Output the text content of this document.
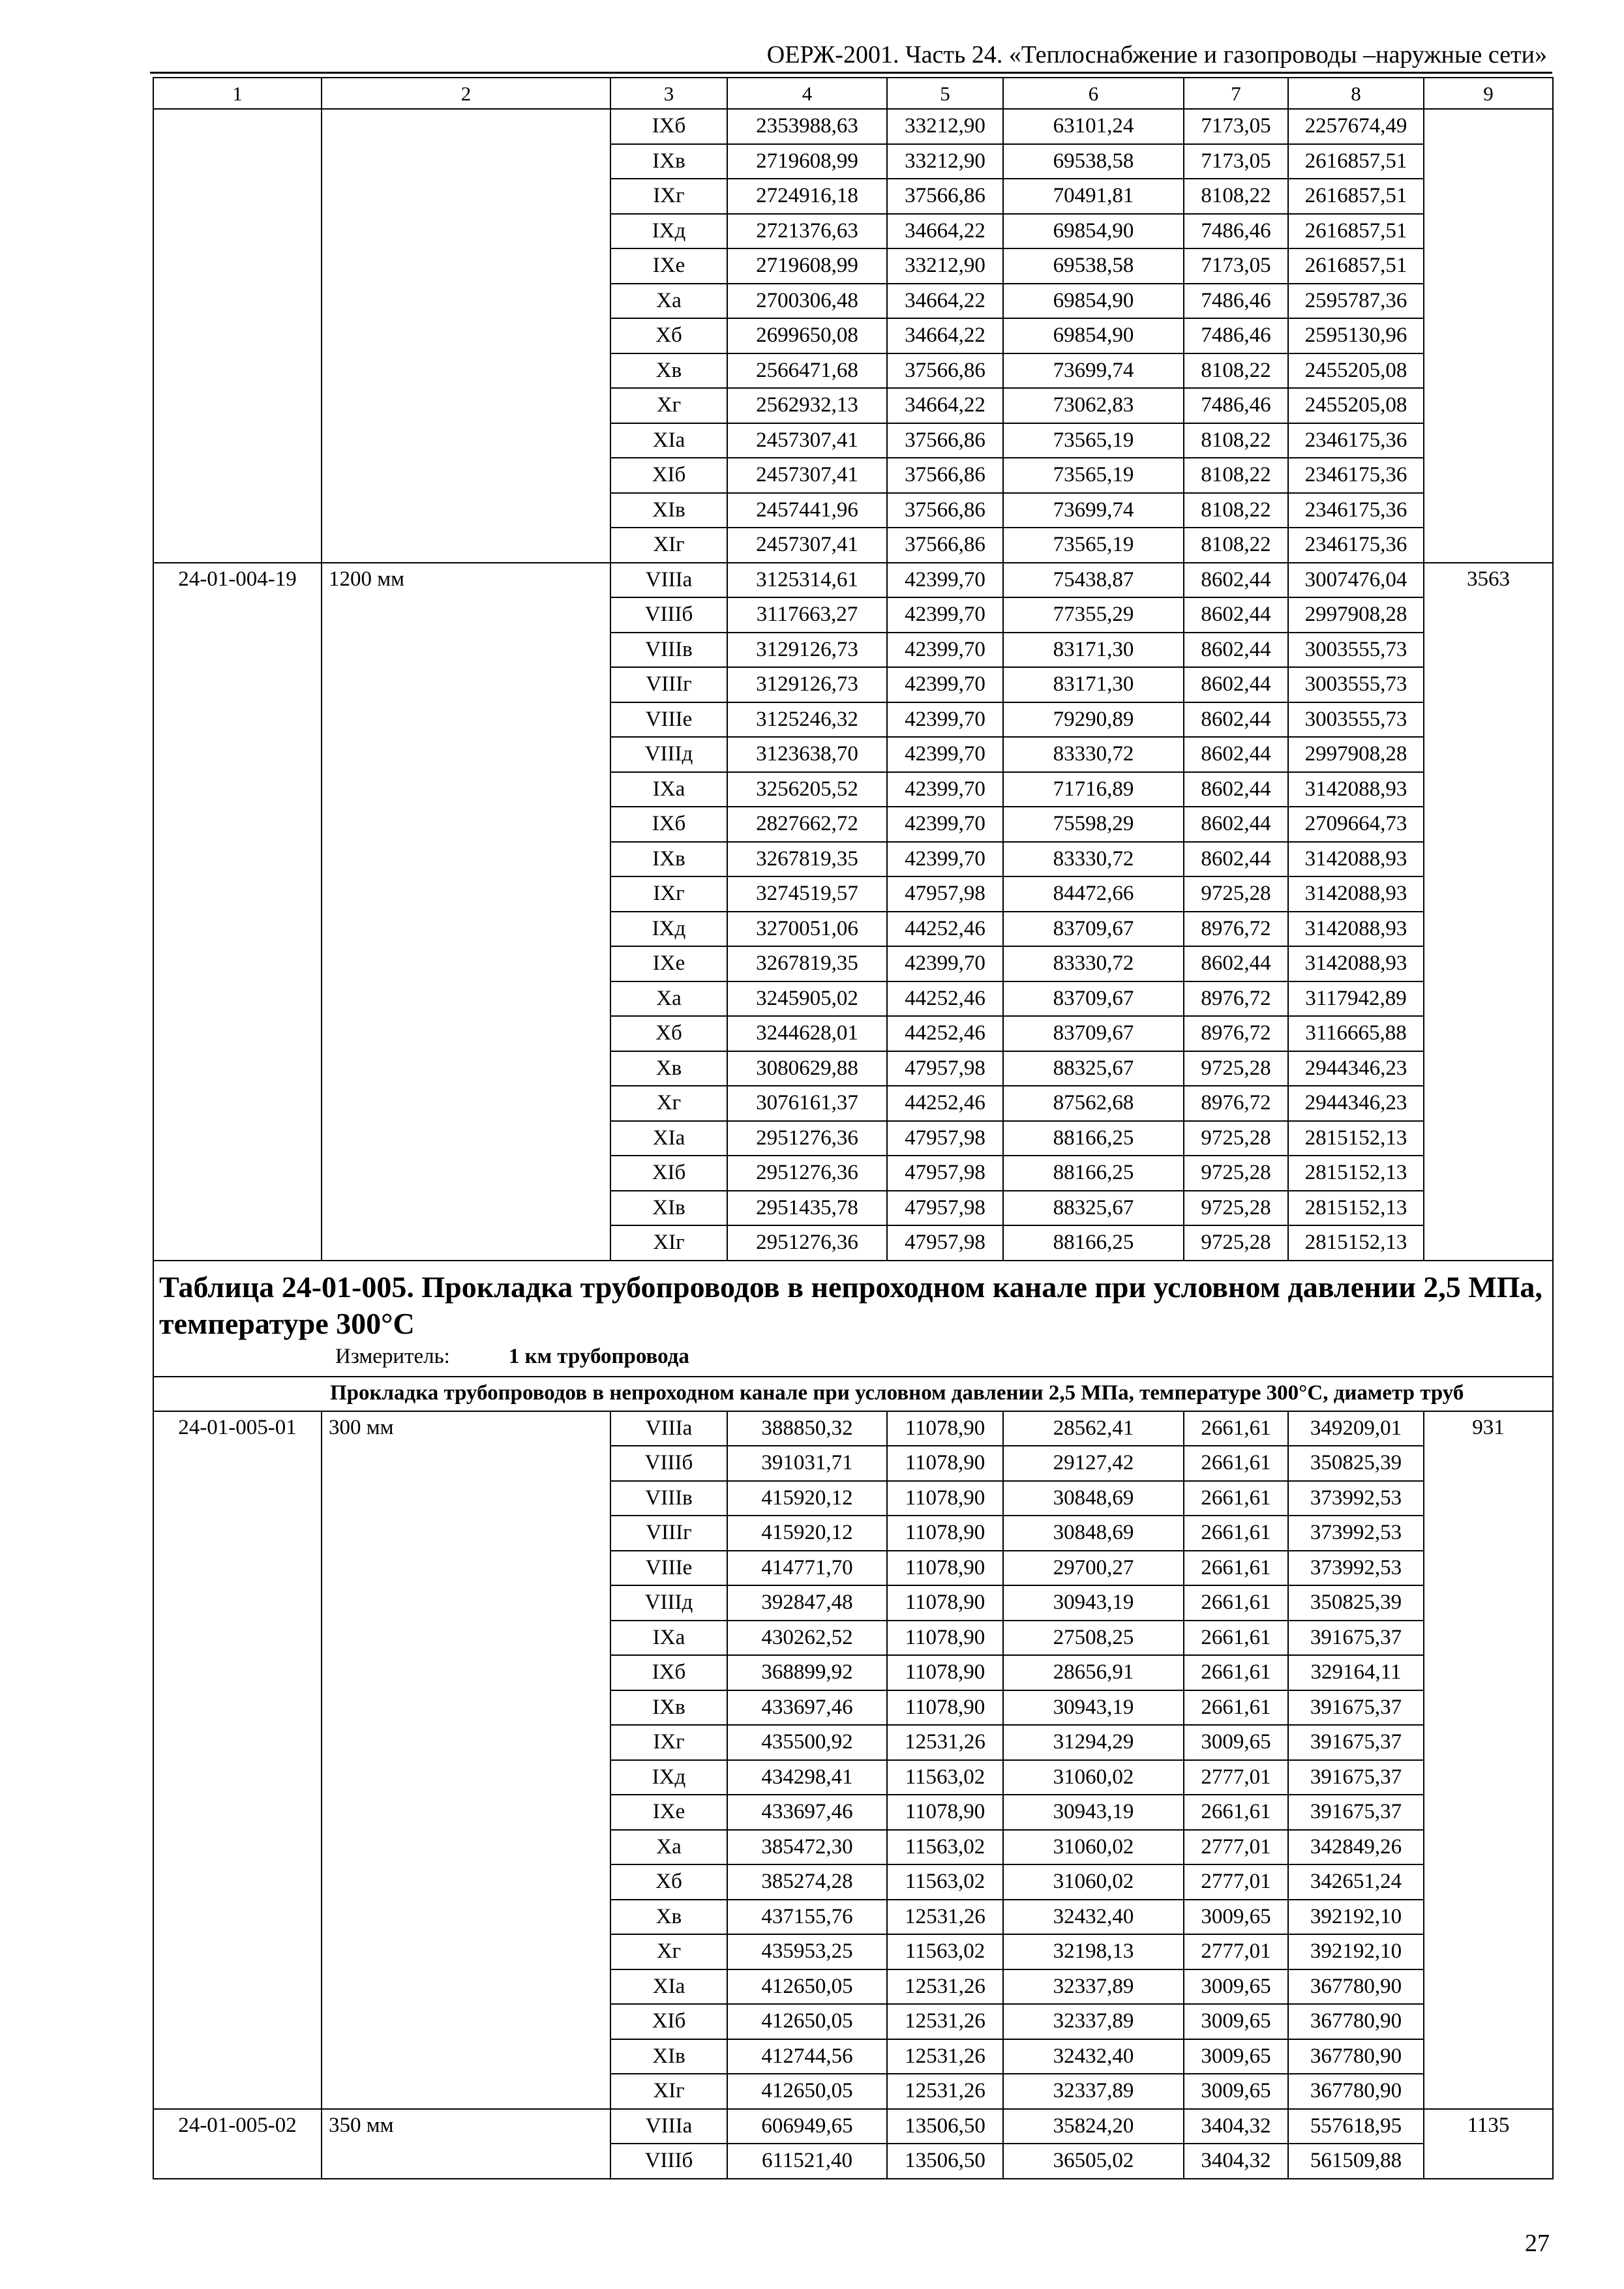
ОЕРЖ-2001. Часть 24. «Теплоснабжение и газопроводы –наружные сети»
1	2	3	4	5	6	7	8	9
		IXб	2353988,63	33212,90	63101,24	7173,05	2257674,49	
		IXв	2719608,99	33212,90	69538,58	7173,05	2616857,51	
		IXг	2724916,18	37566,86	70491,81	8108,22	2616857,51	
		IXд	2721376,63	34664,22	69854,90	7486,46	2616857,51	
		IXе	2719608,99	33212,90	69538,58	7173,05	2616857,51	
		Xа	2700306,48	34664,22	69854,90	7486,46	2595787,36	
		Xб	2699650,08	34664,22	69854,90	7486,46	2595130,96	
		Xв	2566471,68	37566,86	73699,74	8108,22	2455205,08	
		Xг	2562932,13	34664,22	73062,83	7486,46	2455205,08	
		XIа	2457307,41	37566,86	73565,19	8108,22	2346175,36	
		XIб	2457307,41	37566,86	73565,19	8108,22	2346175,36	
		XIв	2457441,96	37566,86	73699,74	8108,22	2346175,36	
		XIг	2457307,41	37566,86	73565,19	8108,22	2346175,36	
24-01-004-19	1200 мм	VIIIа	3125314,61	42399,70	75438,87	8602,44	3007476,04	3563
		VIIIб	3117663,27	42399,70	77355,29	8602,44	2997908,28	
		VIIIв	3129126,73	42399,70	83171,30	8602,44	3003555,73	
		VIIIг	3129126,73	42399,70	83171,30	8602,44	3003555,73	
		VIIIе	3125246,32	42399,70	79290,89	8602,44	3003555,73	
		VIIIд	3123638,70	42399,70	83330,72	8602,44	2997908,28	
		IXа	3256205,52	42399,70	71716,89	8602,44	3142088,93	
		IXб	2827662,72	42399,70	75598,29	8602,44	2709664,73	
		IXв	3267819,35	42399,70	83330,72	8602,44	3142088,93	
		IXг	3274519,57	47957,98	84472,66	9725,28	3142088,93	
		IXд	3270051,06	44252,46	83709,67	8976,72	3142088,93	
		IXе	3267819,35	42399,70	83330,72	8602,44	3142088,93	
		Xа	3245905,02	44252,46	83709,67	8976,72	3117942,89	
		Xб	3244628,01	44252,46	83709,67	8976,72	3116665,88	
		Xв	3080629,88	47957,98	88325,67	9725,28	2944346,23	
		Xг	3076161,37	44252,46	87562,68	8976,72	2944346,23	
		XIа	2951276,36	47957,98	88166,25	9725,28	2815152,13	
		XIб	2951276,36	47957,98	88166,25	9725,28	2815152,13	
		XIв	2951435,78	47957,98	88325,67	9725,28	2815152,13	
		XIг	2951276,36	47957,98	88166,25	9725,28	2815152,13	

Таблица 24-01-005. Прокладка трубопроводов в непроходном канале при условном давлении 2,5 МПа, температуре 300°С
Измеритель: 1 км трубопровода								

Прокладка трубопроводов в непроходном канале при условном давлении 2,5 МПа, температуре 300°С, диаметр труб								
24-01-005-01	300 мм	VIIIа	388850,32	11078,90	28562,41	2661,61	349209,01	931
		VIIIб	391031,71	11078,90	29127,42	2661,61	350825,39	
		VIIIв	415920,12	11078,90	30848,69	2661,61	373992,53	
		VIIIг	415920,12	11078,90	30848,69	2661,61	373992,53	
		VIIIе	414771,70	11078,90	29700,27	2661,61	373992,53	
		VIIIд	392847,48	11078,90	30943,19	2661,61	350825,39	
		IXа	430262,52	11078,90	27508,25	2661,61	391675,37	
		IXб	368899,92	11078,90	28656,91	2661,61	329164,11	
		IXв	433697,46	11078,90	30943,19	2661,61	391675,37	
		IXг	435500,92	12531,26	31294,29	3009,65	391675,37	
		IXд	434298,41	11563,02	31060,02	2777,01	391675,37	
		IXе	433697,46	11078,90	30943,19	2661,61	391675,37	
		Xа	385472,30	11563,02	31060,02	2777,01	342849,26	
		Xб	385274,28	11563,02	31060,02	2777,01	342651,24	
		Xв	437155,76	12531,26	32432,40	3009,65	392192,10	
		Xг	435953,25	11563,02	32198,13	2777,01	392192,10	
		XIа	412650,05	12531,26	32337,89	3009,65	367780,90	
		XIб	412650,05	12531,26	32337,89	3009,65	367780,90	
		XIв	412744,56	12531,26	32432,40	3009,65	367780,90	
		XIг	412650,05	12531,26	32337,89	3009,65	367780,90	
24-01-005-02	350 мм	VIIIа	606949,65	13506,50	35824,20	3404,32	557618,95	1135
		VIIIб	611521,40	13506,50	36505,02	3404,32	561509,88	
27
